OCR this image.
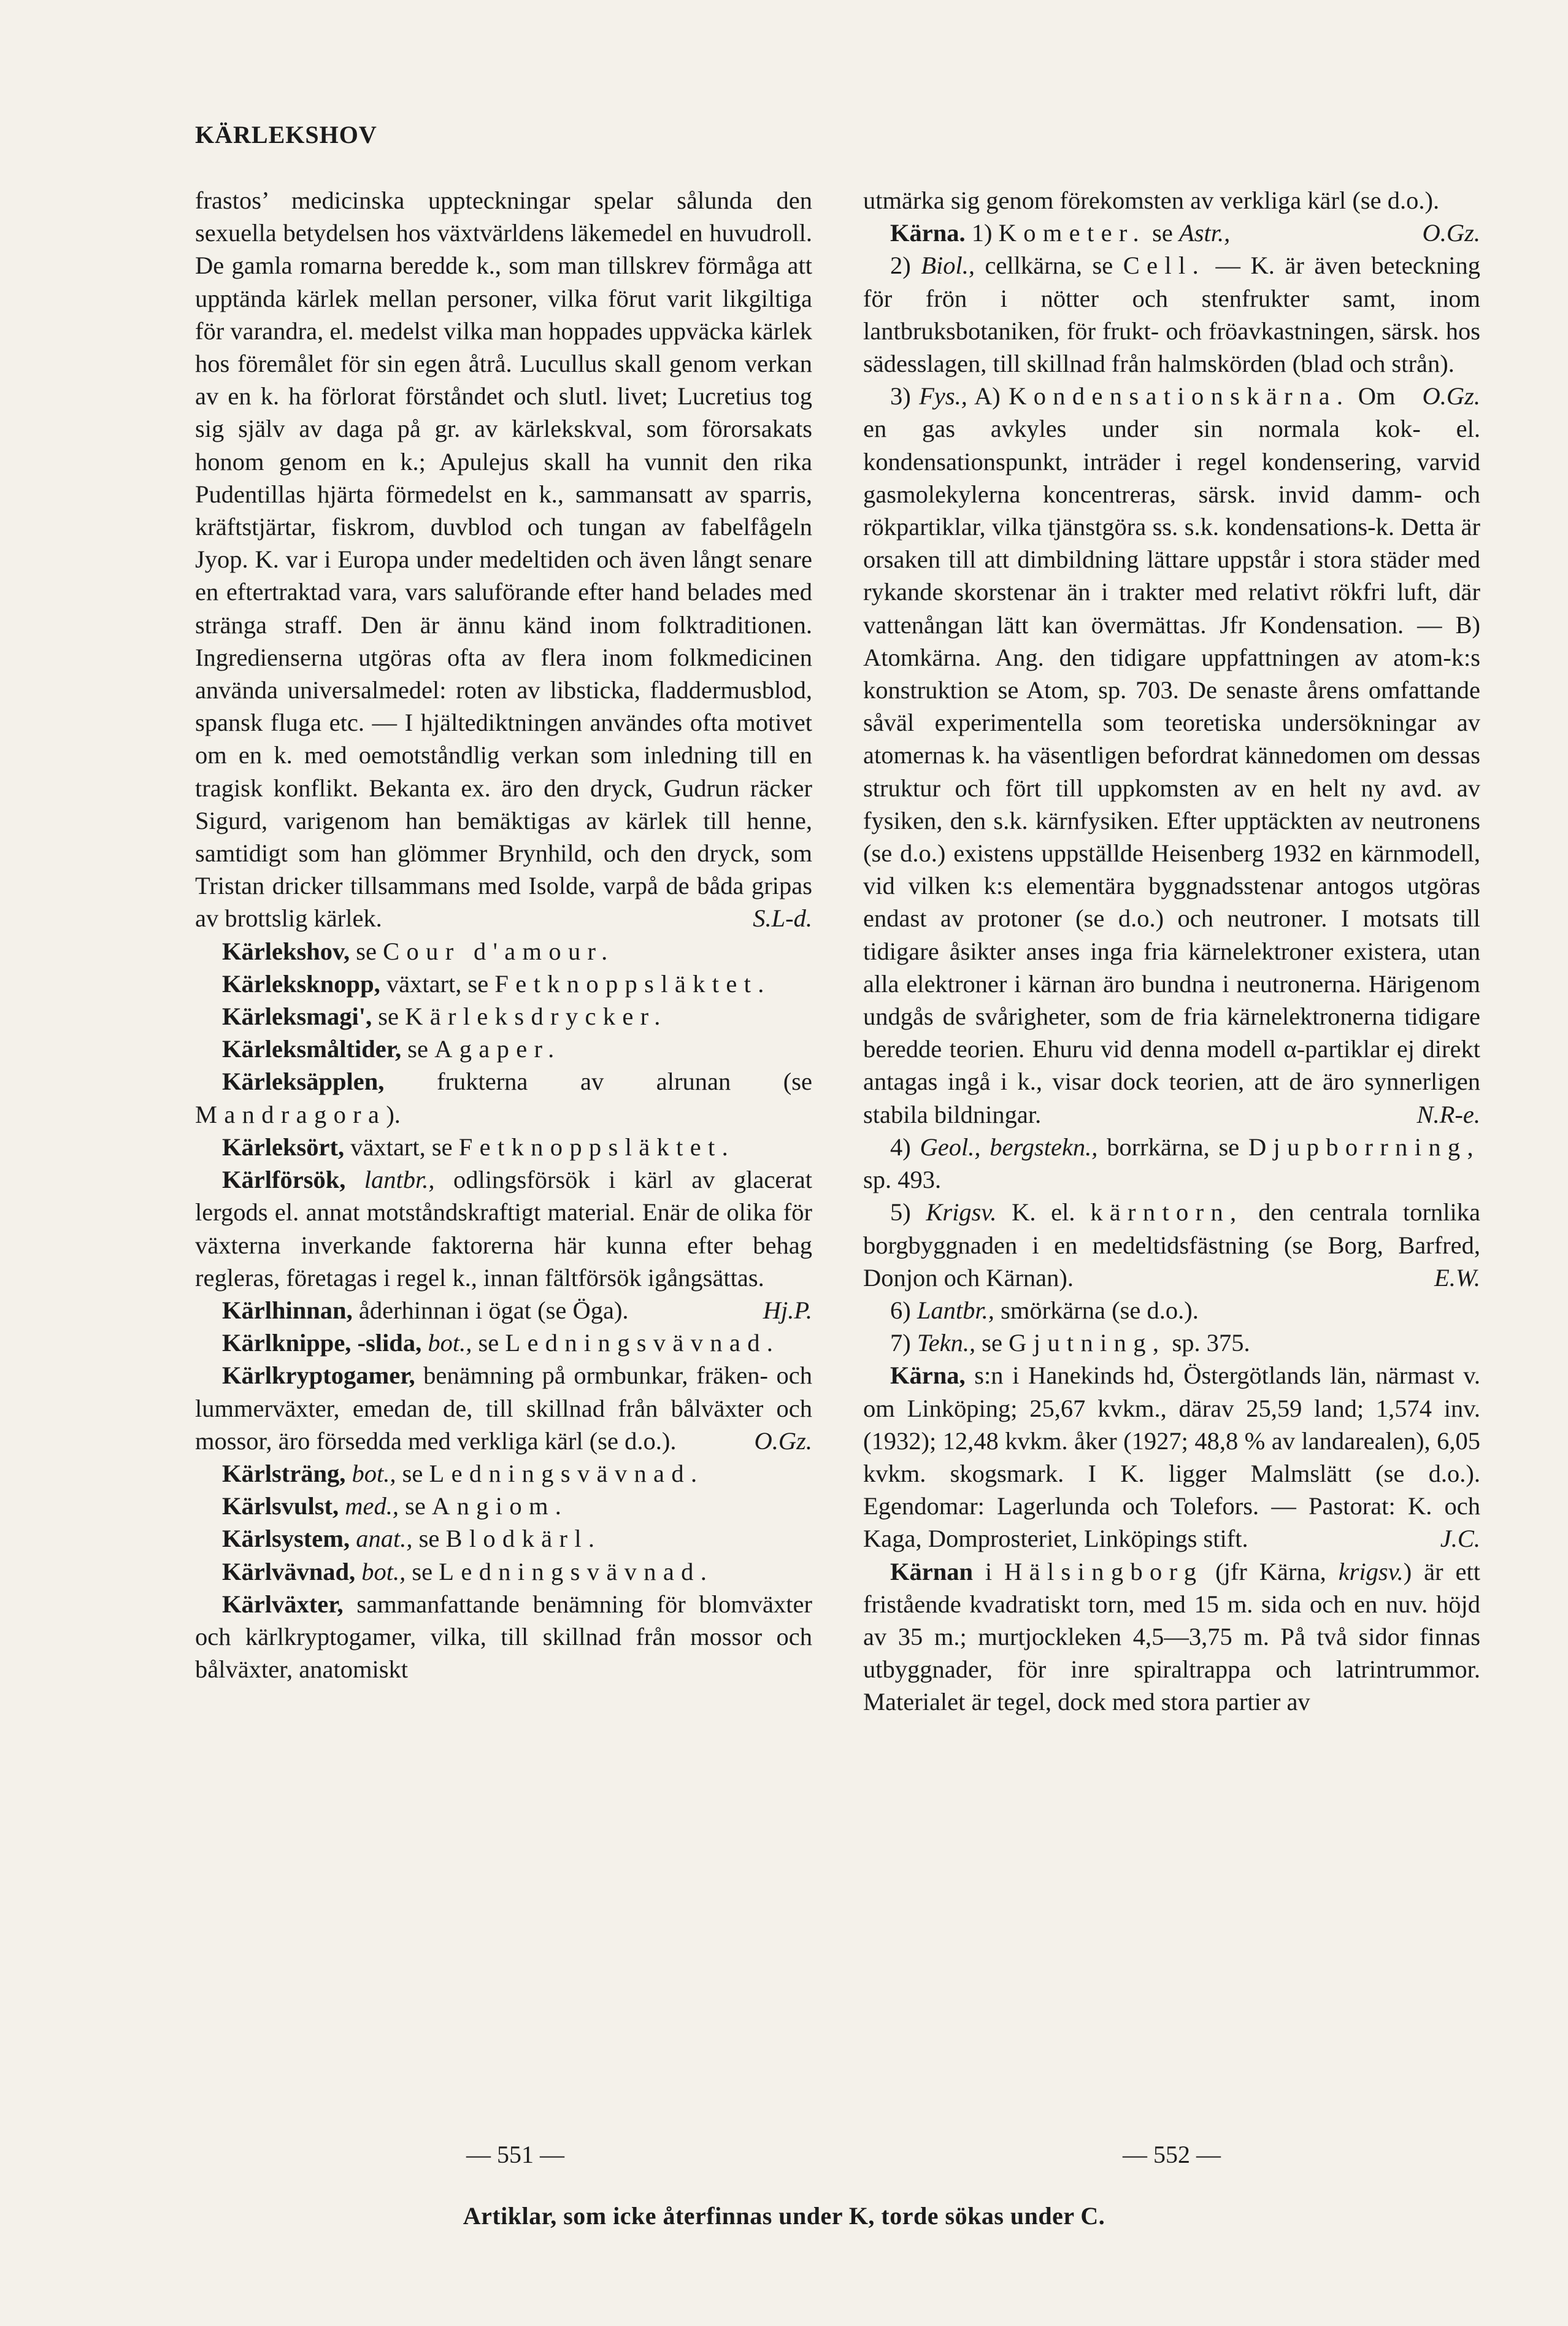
KÄRLEKSHOV

frastos’ medicinska uppteckningar spelar sålunda den sexuella betydelsen hos växtvärldens läkemedel en huvudroll. De gamla romarna beredde k., som man tillskrev förmåga att upptända kärlek mellan personer, vilka förut varit likgiltiga för varandra, el. medelst vilka man hoppades uppväcka kärlek hos föremålet för sin egen åtrå. Lucullus skall genom verkan av en k. ha förlorat förståndet och slutl. livet; Lucretius tog sig själv av daga på gr. av kärlekskval, som förorsakats honom genom en k.; Apulejus skall ha vunnit den rika Pudentillas hjärta förmedelst en k., sammansatt av sparris, kräftstjärtar, fiskrom, duvblod och tungan av fabelfågeln Jyop. K. var i Europa under medeltiden och även långt senare en eftertraktad vara, vars saluförande efter hand belades med stränga straff. Den är ännu känd inom folktraditionen. Ingredienserna utgöras ofta av flera inom folkmedicinen använda universalmedel: roten av libsticka, fladdermusblod, spansk fluga etc. — I hjältediktningen användes ofta motivet om en k. med oemotståndlig verkan som inledning till en tragisk konflikt. Bekanta ex. äro den dryck, Gudrun räcker Sigurd, varigenom han bemäktigas av kärlek till henne, samtidigt som han glömmer Brynhild, och den dryck, som Tristan dricker tillsammans med Isolde, varpå de båda gripas av brottslig kärlek.	S.L-d.

Kärlekshov, se Cour d'amour.

Kärleksknopp, växtart, se Fetknoppsläktet.

Kärleksmagi', se Kärleksdrycker.

Kärleksmåltider, se Agaper.

Kärleksäpplen, frukterna av alrunan (se Mandragora).

Kärleksört, växtart, se Fetknoppsläktet.

Kärlförsök, lantbr., odlingsförsök i kärl av glacerat lergods el. annat motståndskraftigt material. Enär de olika för växterna inverkande faktorerna här kunna efter behag regleras, företagas i regel k., innan fältförsök igångsättas.
Hj.P.

Kärlhinnan, åderhinnan i ögat (se Öga).

Kärlknippe, -slida, bot., se Ledningsvävnad.

Kärlkryptogamer, benämning på ormbunkar, fräken- och lummerväxter, emedan de, till skillnad från bålväxter och mossor, äro försedda med verkliga kärl (se d.o.).	O.Gz.

Kärlsträng, bot., se Ledningsvävnad.

Kärlsvulst, med., se Angiom.

Kärlsystem, anat., se Blodkärl.

Kärlvävnad, bot., se Ledningsvävnad.

Kärlväxter, sammanfattande benämning för blomväxter och kärlkryptogamer, vilka, till skillnad från mossor och bålväxter, anatomiskt

utmärka sig genom förekomsten av verkliga kärl (se d.o.).
O.Gz.

Kärna. 1) Kometer. se Astr.,

2) Biol., cellkärna, se Cell. — K. är även beteckning för frön i nötter och stenfrukter samt, inom lantbruksbotaniken, för frukt- och fröavkastningen, särsk. hos sädesslagen, till skillnad från halmskörden (blad och strån).
O.Gz.

3) Fys., A) Kondensationskärna. Om en gas avkyles under sin normala kok- el. kondensationspunkt, inträder i regel kondensering, varvid gasmolekylerna koncentreras, särsk. invid damm- och rökpartiklar, vilka tjänstgöra ss. s.k. kondensations-k. Detta är orsaken till att dimbildning lättare uppstår i stora städer med rykande skorstenar än i trakter med relativt rökfri luft, där vattenångan lätt kan övermättas. Jfr Kondensation. — B) Atomkärna. Ang. den tidigare uppfattningen av atom-k:s konstruktion se Atom, sp. 703. De senaste årens omfattande såväl experimentella som teoretiska undersökningar av atomernas k. ha väsentligen befordrat kännedomen om dessas struktur och fört till uppkomsten av en helt ny avd. av fysiken, den s.k. kärnfysiken. Efter upptäckten av neutronens (se d.o.) existens uppställde Heisenberg 1932 en kärnmodell, vid vilken k:s elementära byggnadsstenar antogos utgöras endast av protoner (se d.o.) och neutroner. I motsats till tidigare åsikter anses inga fria kärnelektroner existera, utan alla elektroner i kärnan äro bundna i neutronerna. Härigenom undgås de svårigheter, som de fria kärnelektronerna tidigare beredde teorien. Ehuru vid denna modell α-partiklar ej direkt antagas ingå i k., visar dock teorien, att de äro synnerligen stabila bildningar.	N.R-e.

4) Geol., bergstekn., borrkärna, se Djupborrning, sp. 493.

5) Krigsv. K. el. kärntorn, den centrala tornlika borgbyggnaden i en medeltidsfästning (se Borg, Barfred, Donjon och Kärnan).	E.W.

6) Lantbr., smörkärna (se d.o.).

7) Tekn., se Gjutning, sp. 375.

Kärna, s:n i Hanekinds hd, Östergötlands län, närmast v. om Linköping; 25,67 kvkm., därav 25,59 land; 1,574 inv. (1932); 12,48 kvkm. åker (1927; 48,8 % av landarealen), 6,05 kvkm. skogsmark. I K. ligger Malmslätt (se d.o.). Egendomar: Lagerlunda och Tolefors. — Pastorat: K. och Kaga, Domprosteriet, Linköpings stift.	J.C.

Kärnan i Hälsingborg (jfr Kärna, krigsv.) är ett fristående kvadratiskt torn, med 15 m. sida och en nuv. höjd av 35 m.; murtjockleken 4,5—3,75 m. På två sidor finnas utbyggnader, för inre spiraltrappa och latrintrummor. Materialet är tegel, dock med stora partier av

— 551 —	— 552 —
Artiklar, som icke återfinnas under K, torde sökas under C.
